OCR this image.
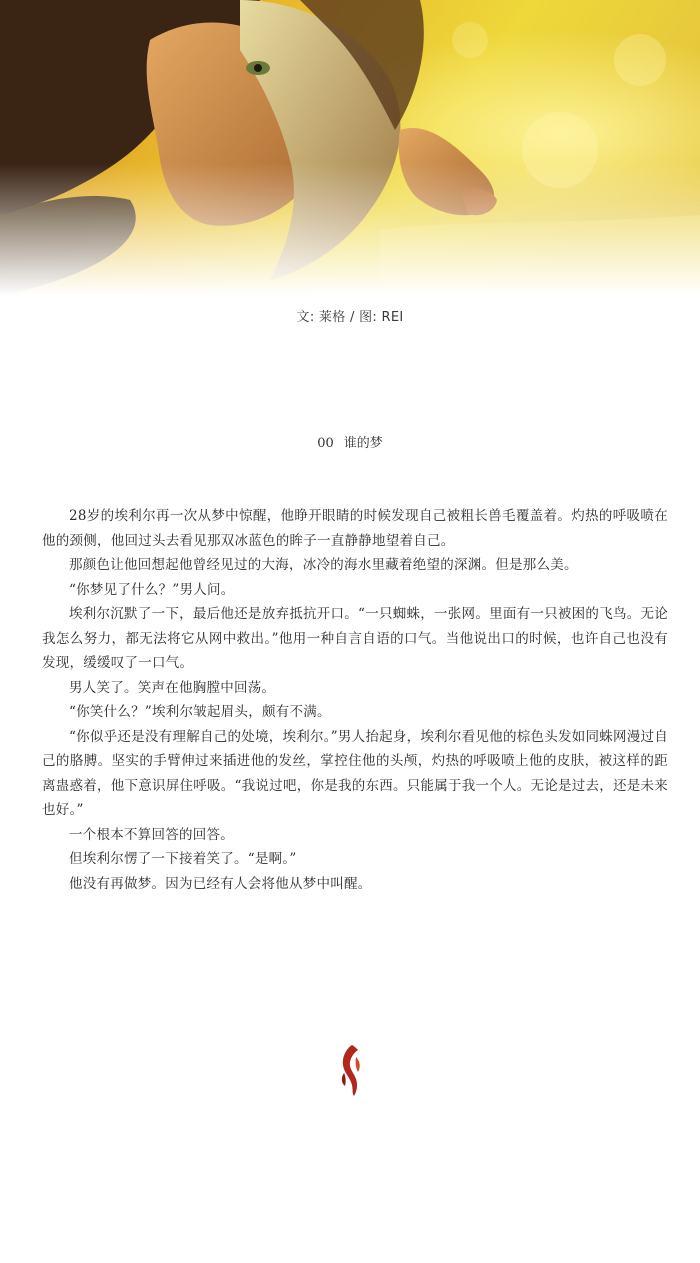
文: 莱格 / 图: REI
00 谁的梦

28岁的埃利尔再一次从梦中惊醒，他睁开眼睛的时候发现自己被粗长兽毛覆盖着。灼热的呼吸喷在他的颈侧，他回过头去看见那双冰蓝色的眸子一直静静地望着自己。

那颜色让他回想起他曾经见过的大海，冰冷的海水里藏着绝望的深渊。但是那么美。

“你梦见了什么？”男人问。

埃利尔沉默了一下，最后他还是放弃抵抗开口。“一只蜘蛛，一张网。里面有一只被困的飞鸟。无论我怎么努力，都无法将它从网中救出。”他用一种自言自语的口气。当他说出口的时候，也许自己也没有发现，缓缓叹了一口气。

男人笑了。笑声在他胸膛中回荡。

“你笑什么？”埃利尔皱起眉头，颇有不满。

“你似乎还是没有理解自己的处境，埃利尔。”男人抬起身，埃利尔看见他的棕色头发如同蛛网漫过自己的胳膊。坚实的手臂伸过来插进他的发丝，掌控住他的头颅，灼热的呼吸喷上他的皮肤，被这样的距离蛊惑着，他下意识屏住呼吸。“我说过吧，你是我的东西。只能属于我一个人。无论是过去，还是未来也好。”

一个根本不算回答的回答。

但埃利尔愣了一下接着笑了。“是啊。”

他没有再做梦。因为已经有人会将他从梦中叫醒。
